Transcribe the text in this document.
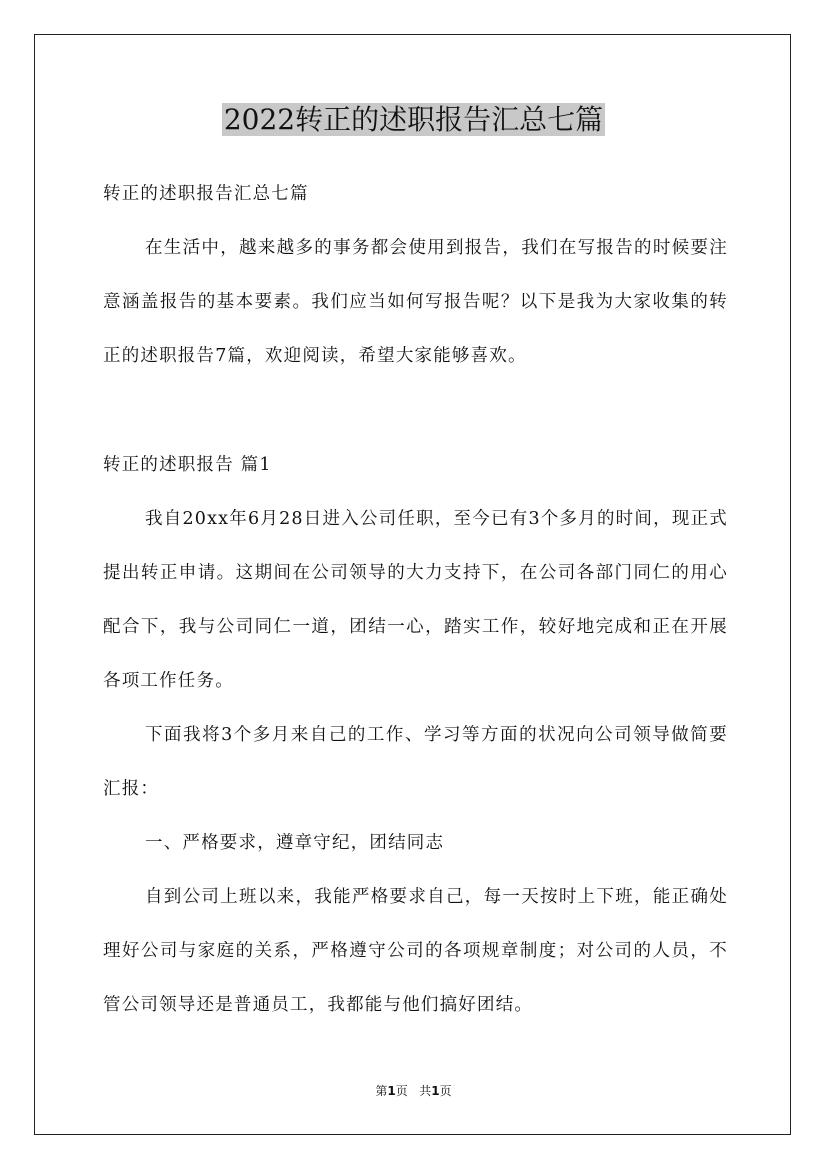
2022转正的述职报告汇总七篇

转正的述职报告汇总七篇

在生活中，越来越多的事务都会使用到报告，我们在写报告的时候要注意涵盖报告的基本要素。我们应当如何写报告呢？以下是我为大家收集的转正的述职报告7篇，欢迎阅读，希望大家能够喜欢。

转正的述职报告 篇1

我自20xx年6月28日进入公司任职，至今已有3个多月的时间，现正式提出转正申请。这期间在公司领导的大力支持下，在公司各部门同仁的用心配合下，我与公司同仁一道，团结一心，踏实工作，较好地完成和正在开展各项工作任务。

下面我将3个多月来自己的工作、学习等方面的状况向公司领导做简要汇报：

一、严格要求，遵章守纪，团结同志

自到公司上班以来，我能严格要求自己，每一天按时上下班，能正确处理好公司与家庭的关系，严格遵守公司的各项规章制度；对公司的人员，不管公司领导还是普通员工，我都能与他们搞好团结。

第1页 共1页
